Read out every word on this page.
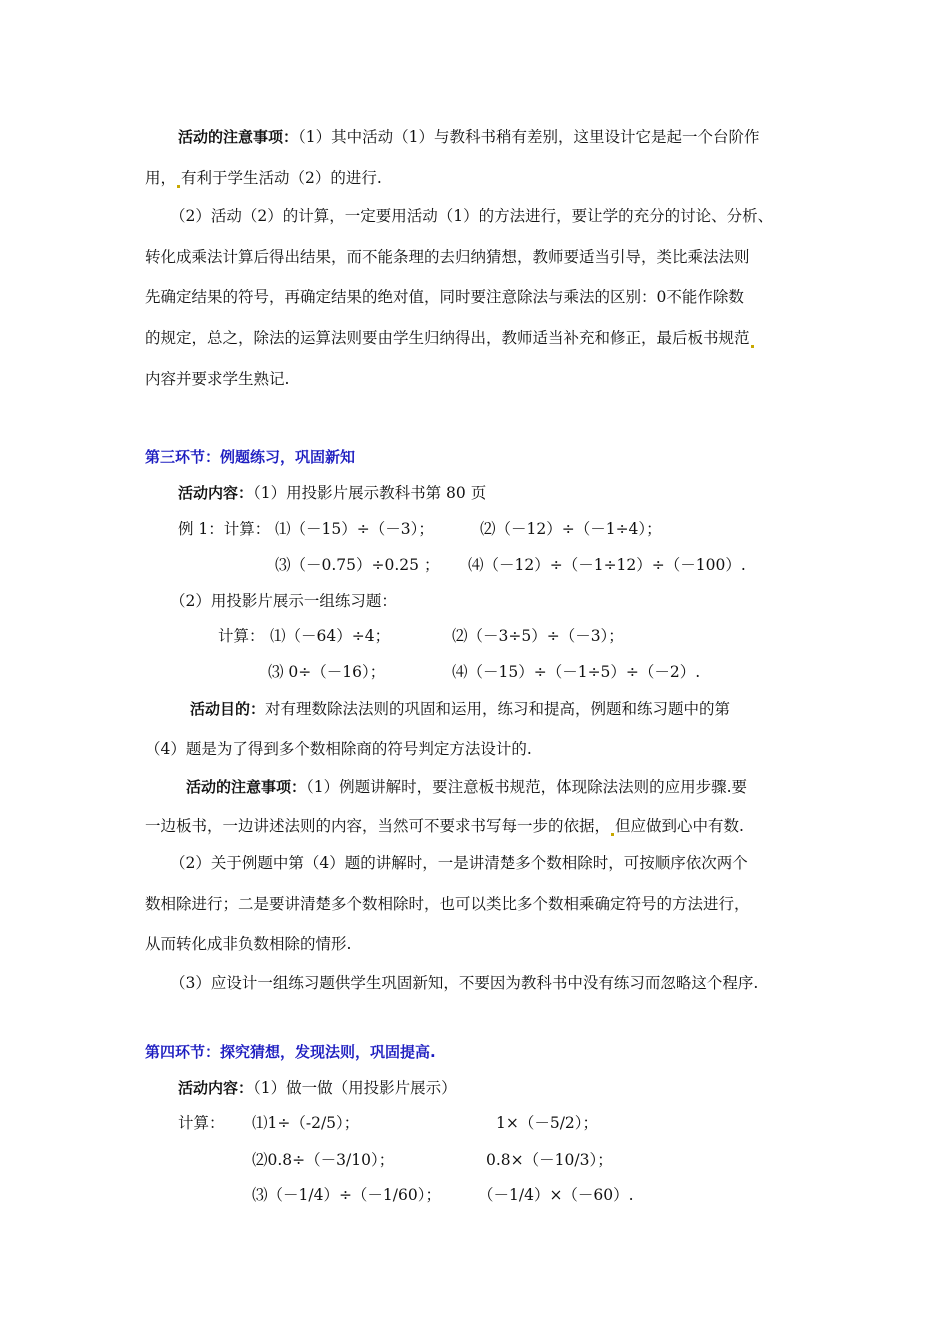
活动的注意事项：（1）其中活动（1）与教科书稍有差别，这里设计它是起一个台阶作
用， 有利于学生活动（2）的进行.
（2）活动（2）的计算，一定要用活动（1）的方法进行，要让学的充分的讨论、分析、
转化成乘法计算后得出结果，而不能条理的去归纳猜想，教师要适当引导，类比乘法法则
先确定结果的符号，再确定结果的绝对值，同时要注意除法与乘法的区别：0不能作除数
的规定，总之，除法的运算法则要由学生归纳得出，教师适当补充和修正，最后板书规范
内容并要求学生熟记.
第三环节：例题练习，巩固新知
活动内容：（1）用投影片展示教科书第 80 页
例 1：计算： ⑴（－15）÷（－3）；	⑵（－12）÷（－1÷4）；
⑶（－0.75）÷0.25 ； ⑷（－12）÷（－1÷12）÷（－100）.
（2）用投影片展示一组练习题：
计算： ⑴（－64）÷4；	⑵（－3÷5）÷（－3）；
⑶ 0÷（－16）；	⑷（－15）÷（－1÷5）÷（－2）.
活动目的：对有理数除法法则的巩固和运用，练习和提高，例题和练习题中的第
（4）题是为了得到多个数相除商的符号判定方法设计的.
活动的注意事项：（1）例题讲解时，要注意板书规范，体现除法法则的应用步骤.要
一边板书，一边讲述法则的内容，当然可不要求书写每一步的依据， 但应做到心中有数.
（2）关于例题中第（4）题的讲解时，一是讲清楚多个数相除时，可按顺序依次两个
数相除进行；二是要讲清楚多个数相除时，也可以类比多个数相乘确定符号的方法进行，
从而转化成非负数相除的情形.
（3）应设计一组练习题供学生巩固新知，不要因为教科书中没有练习而忽略这个程序.
第四环节：探究猜想，发现法则，巩固提高.
活动内容：（1）做一做（用投影片展示）
计算： ⑴1÷（-2/5）；	1×（－5/2）；
⑵0.8÷（－3/10）；	0.8×（－10/3）；
⑶（－1/4）÷（－1/60）； （－1/4）×（－60）.
